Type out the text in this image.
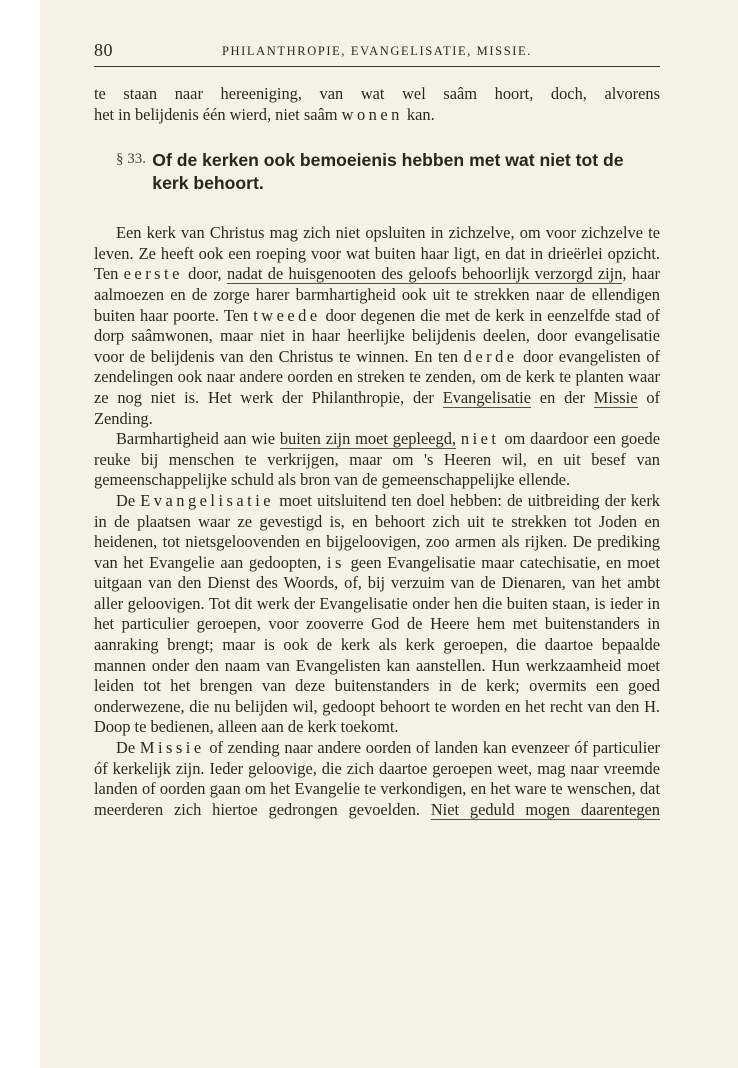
80	PHILANTHROPIE, EVANGELISATIE, MISSIE.

te staan naar hereeniging, van wat wel saâm hoort, doch, alvorens

het in belijdenis één wierd, niet saâm wonen kan.

§ 33. Of de kerken ook bemoeienis hebben met wat niet tot de kerk behoort.

Een kerk van Christus mag zich niet opsluiten in zichzelve, om voor zichzelve te leven. Ze heeft ook een roeping voor wat buiten haar ligt, en dat in drieërlei opzicht. Ten eerste door, nadat de huisgenooten des geloofs behoorlijk verzorgd zijn, haar aalmoezen en de zorge harer barmhartigheid ook uit te strekken naar de ellendigen buiten haar poorte. Ten tweede door degenen die met de kerk in eenzelfde stad of dorp saâmwonen, maar niet in haar heerlijke belijdenis deelen, door evangelisatie voor de belijdenis van den Christus te winnen. En ten derde door evangelisten of zendelingen ook naar andere oorden en streken te zenden, om de kerk te planten waar ze nog niet is. Het werk der Philanthropie, der Evangelisatie en der Missie of Zending.

Barmhartigheid aan wie buiten zijn moet gepleegd, niet om daardoor een goede reuke bij menschen te verkrijgen, maar om 's Heeren wil, en uit besef van gemeenschappelijke schuld als bron van de gemeenschappelijke ellende.

De Evangelisatie moet uitsluitend ten doel hebben: de uitbreiding der kerk in de plaatsen waar ze gevestigd is, en behoort zich uit te strekken tot Joden en heidenen, tot nietsgeloovenden en bijgeloovigen, zoo armen als rijken. De prediking van het Evangelie aan gedoopten, is geen Evangelisatie maar catechisatie, en moet uitgaan van den Dienst des Woords, of, bij verzuim van de Dienaren, van het ambt aller geloovigen. Tot dit werk der Evangelisatie onder hen die buiten staan, is ieder in het particulier geroepen, voor zooverre God de Heere hem met buitenstanders in aanraking brengt; maar is ook de kerk als kerk geroepen, die daartoe bepaalde mannen onder den naam van Evangelisten kan aanstellen. Hun werkzaamheid moet leiden tot het brengen van deze buitenstanders in de kerk; overmits een goed onderwezene, die nu belijden wil, gedoopt behoort te worden en het recht van den H. Doop te bedienen, alleen aan de kerk toekomt.

De Missie of zending naar andere oorden of landen kan evenzeer óf particulier óf kerkelijk zijn. Ieder geloovige, die zich daartoe geroepen weet, mag naar vreemde landen of oorden gaan om het Evangelie te verkondigen, en het ware te wenschen, dat meerderen zich hiertoe gedrongen gevoelden. Niet geduld mogen daarentegen
